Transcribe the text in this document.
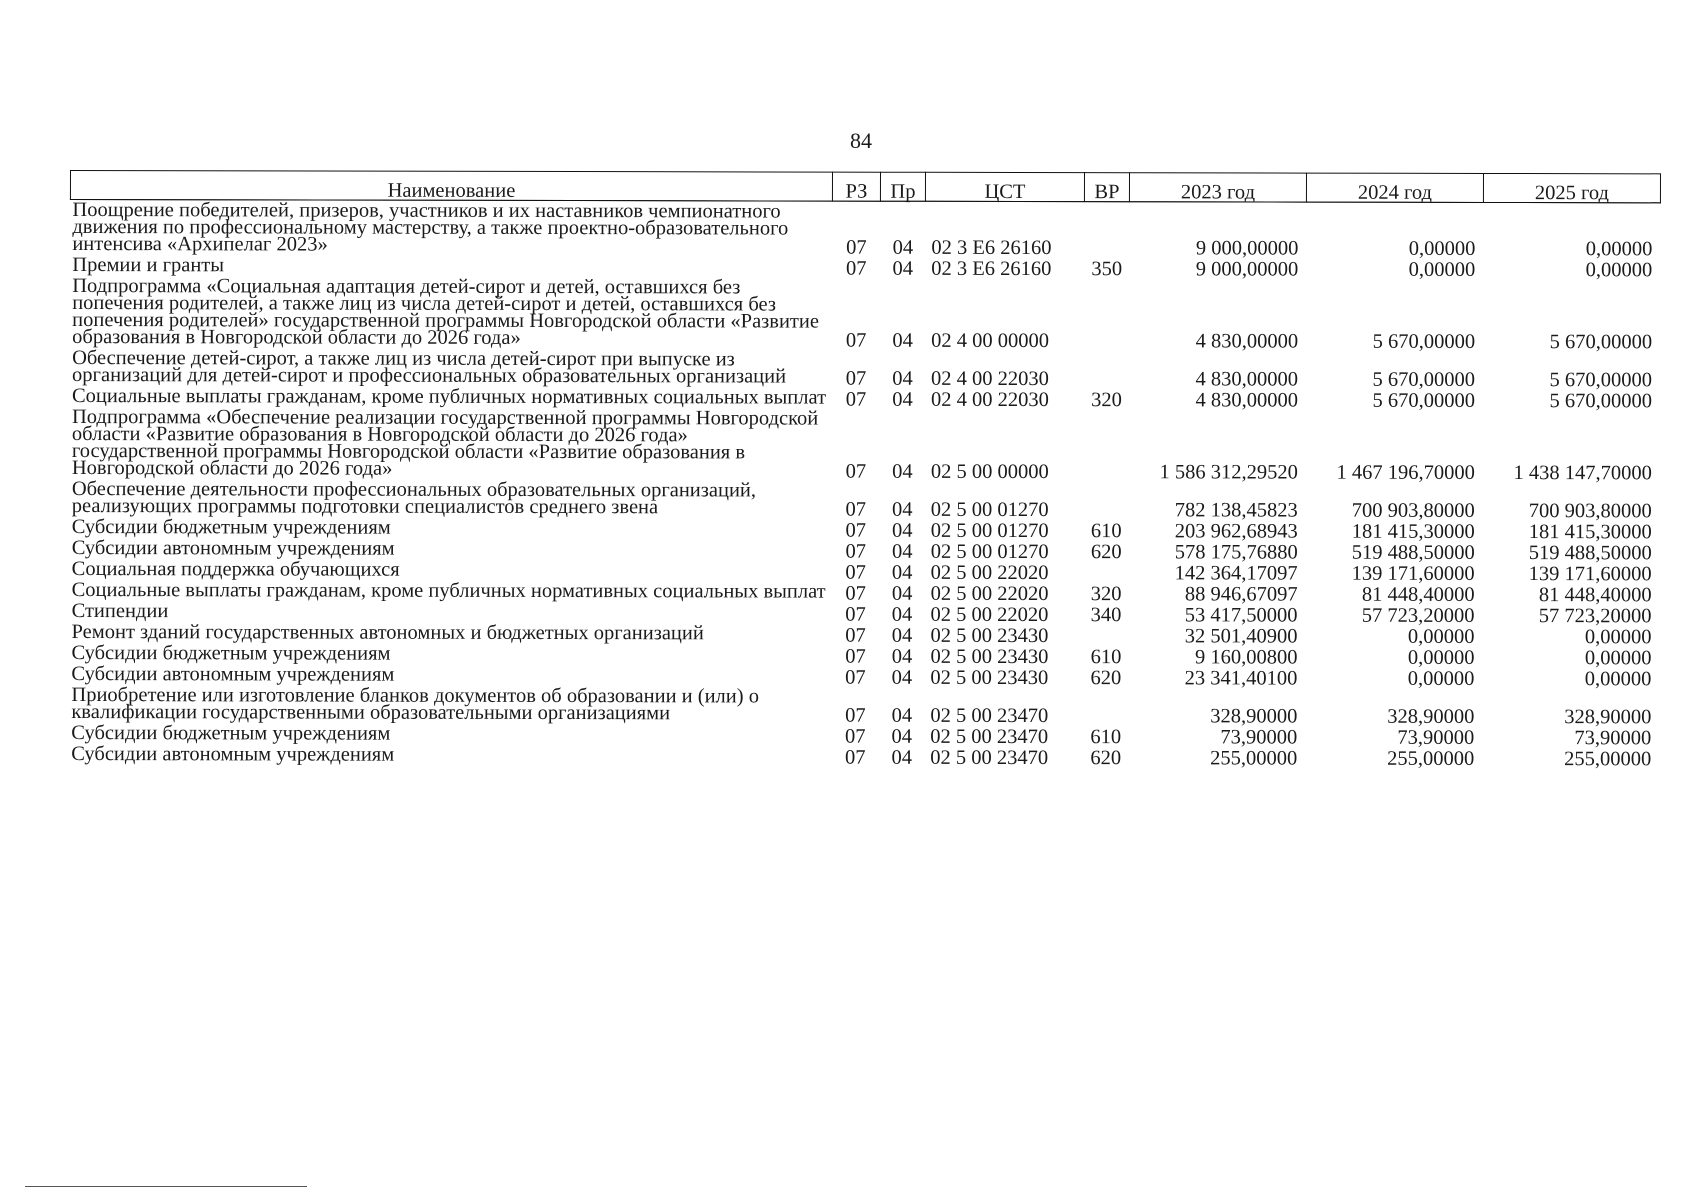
84
Наименование	РЗ	Пр	ЦСТ	ВР	2023 год	2024 год	2025 год
Поощрение победителей, призеров, участников и их наставников чемпионатного движения по профессиональному мастерству, а также проектно-образовательного интенсива «Архипелаг 2023»	07	04	02 3 Е6 26160		9 000,00000	0,00000	0,00000
Премии и гранты	07	04	02 3 Е6 26160	350	9 000,00000	0,00000	0,00000
Подпрограмма «Социальная адаптация детей-сирот и детей, оставшихся без попечения родителей, а также лиц из числа детей-сирот и детей, оставшихся без попечения родителей» государственной программы Новгородской области «Развитие образования в Новгородской области до 2026 года»	07	04	02 4 00 00000		4 830,00000	5 670,00000	5 670,00000
Обеспечение детей-сирот, а также лиц из числа детей-сирот при выпуске из организаций для детей-сирот и профессиональных образовательных организаций	07	04	02 4 00 22030		4 830,00000	5 670,00000	5 670,00000
Социальные выплаты гражданам, кроме публичных нормативных социальных выплат	07	04	02 4 00 22030	320	4 830,00000	5 670,00000	5 670,00000
Подпрограмма «Обеспечение реализации государственной программы Новгородской области «Развитие образования в Новгородской области до 2026 года» государственной программы Новгородской области «Развитие образования в Новгородской области до 2026 года»	07	04	02 5 00 00000		1 586 312,29520	1 467 196,70000	1 438 147,70000
Обеспечение деятельности профессиональных образовательных организаций, реализующих программы подготовки специалистов среднего звена	07	04	02 5 00 01270		782 138,45823	700 903,80000	700 903,80000
Субсидии бюджетным учреждениям	07	04	02 5 00 01270	610	203 962,68943	181 415,30000	181 415,30000
Субсидии автономным учреждениям	07	04	02 5 00 01270	620	578 175,76880	519 488,50000	519 488,50000
Социальная поддержка обучающихся	07	04	02 5 00 22020		142 364,17097	139 171,60000	139 171,60000
Социальные выплаты гражданам, кроме публичных нормативных социальных выплат	07	04	02 5 00 22020	320	88 946,67097	81 448,40000	81 448,40000
Стипендии	07	04	02 5 00 22020	340	53 417,50000	57 723,20000	57 723,20000
Ремонт зданий государственных автономных и бюджетных организаций	07	04	02 5 00 23430		32 501,40900	0,00000	0,00000
Субсидии бюджетным учреждениям	07	04	02 5 00 23430	610	9 160,00800	0,00000	0,00000
Субсидии автономным учреждениям	07	04	02 5 00 23430	620	23 341,40100	0,00000	0,00000
Приобретение или изготовление бланков документов об образовании и (или) о квалификации государственными образовательными организациями	07	04	02 5 00 23470		328,90000	328,90000	328,90000
Субсидии бюджетным учреждениям	07	04	02 5 00 23470	610	73,90000	73,90000	73,90000
Субсидии автономным учреждениям	07	04	02 5 00 23470	620	255,00000	255,00000	255,00000
